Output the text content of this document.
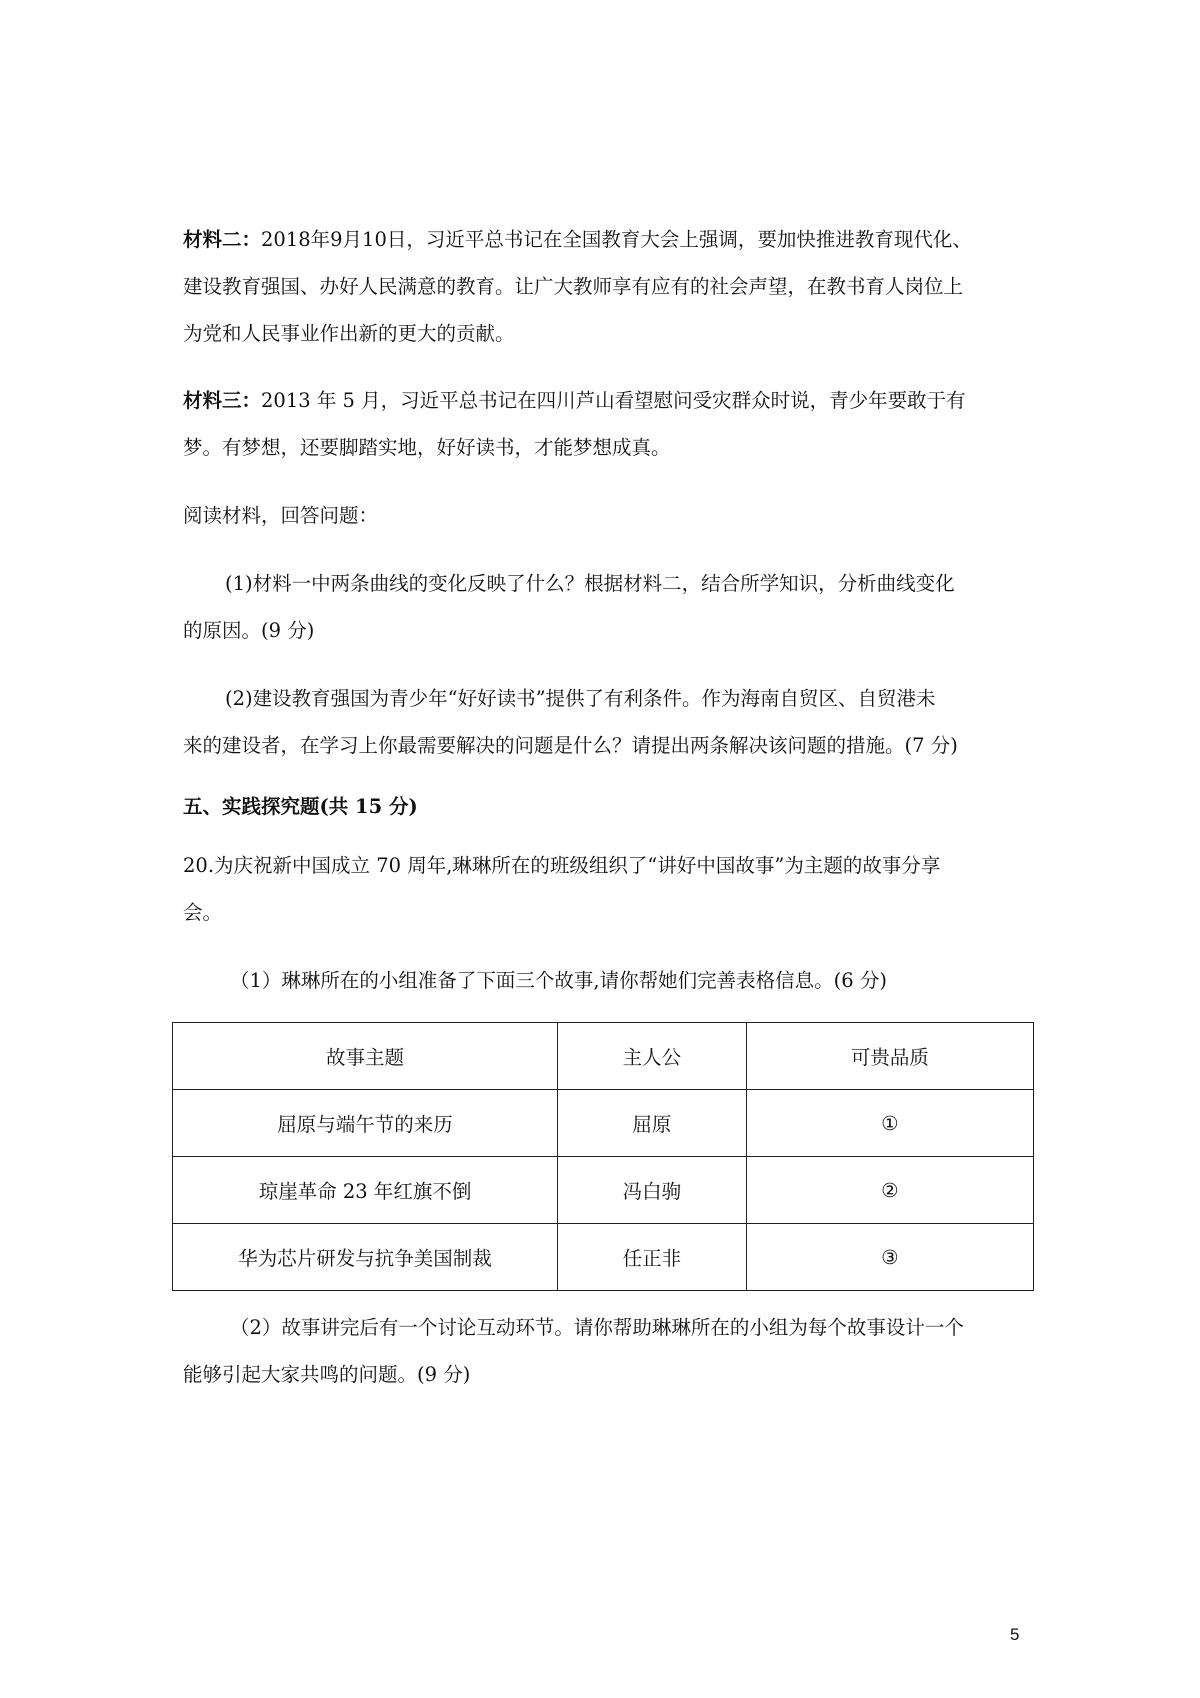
材料二：2018年9月10日，习近平总书记在全国教育大会上强调，要加快推进教育现代化、
建设教育强国、办好人民满意的教育。让广大教师享有应有的社会声望，在教书育人岗位上
为党和人民事业作出新的更大的贡献。
材料三：2013 年 5 月，习近平总书记在四川芦山看望慰问受灾群众时说，青少年要敢于有
梦。有梦想，还要脚踏实地，好好读书，才能梦想成真。
阅读材料，回答问题：
(1)材料一中两条曲线的变化反映了什么？根据材料二，结合所学知识，分析曲线变化
的原因。(9 分)
(2)建设教育强国为青少年“好好读书”提供了有利条件。作为海南自贸区、自贸港未
来的建设者，在学习上你最需要解决的问题是什么？请提出两条解决该问题的措施。(7 分)
五、实践探究题(共 15 分)
20.为庆祝新中国成立 70 周年,琳琳所在的班级组织了“讲好中国故事”为主题的故事分享
会。
（1）琳琳所在的小组准备了下面三个故事,请你帮她们完善表格信息。(6 分)
故事主题	主人公	可贵品质
屈原与端午节的来历	屈原	①
琼崖革命 23 年红旗不倒	冯白驹	②
华为芯片研发与抗争美国制裁	任正非	③
（2）故事讲完后有一个讨论互动环节。请你帮助琳琳所在的小组为每个故事设计一个
能够引起大家共鸣的问题。(9 分)
5
